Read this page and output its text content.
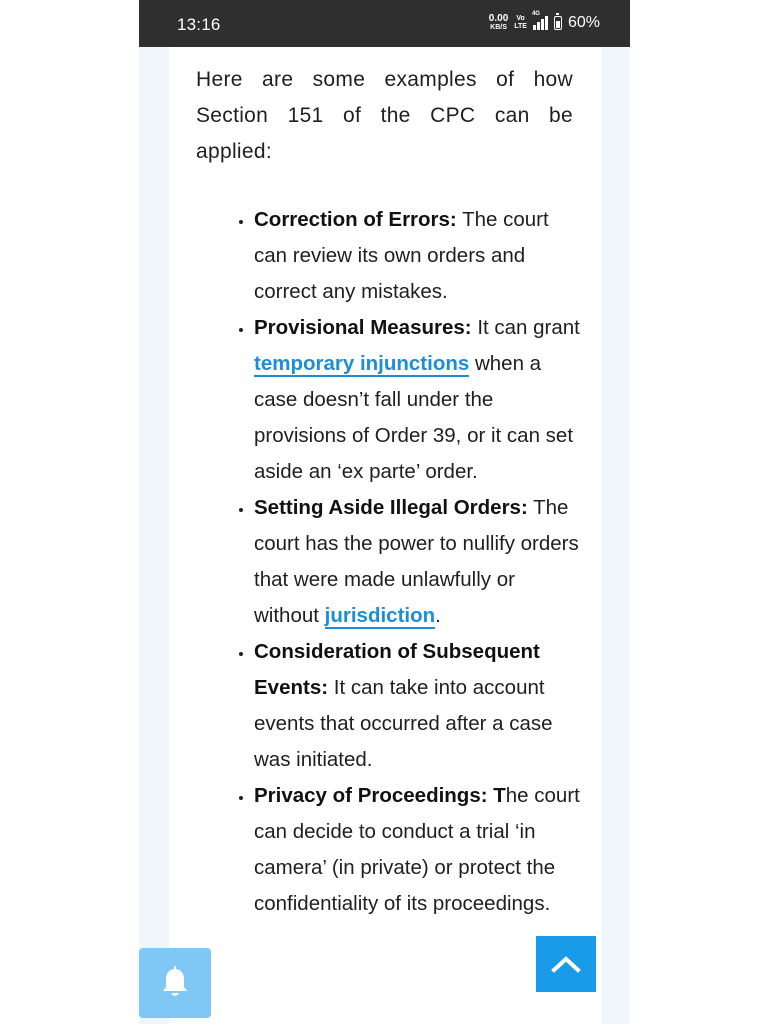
13:16	0.00
KB/S
Vo
LTE
4G 60%

Here are some examples of how Section 151 of the CPC can be applied:

• Correction of Errors: The court can review its own orders and correct any mistakes.
• Provisional Measures: It can grant temporary injunctions when a case doesn’t fall under the provisions of Order 39, or it can set aside an ‘ex parte’ order.
• Setting Aside Illegal Orders: The court has the power to nullify orders that were made unlawfully or without jurisdiction.
• Consideration of Subsequent Events: It can take into account events that occurred after a case was initiated.
• Privacy of Proceedings: The court can decide to conduct a trial ‘in camera’ (in private) or protect the confidentiality of its proceedings.
